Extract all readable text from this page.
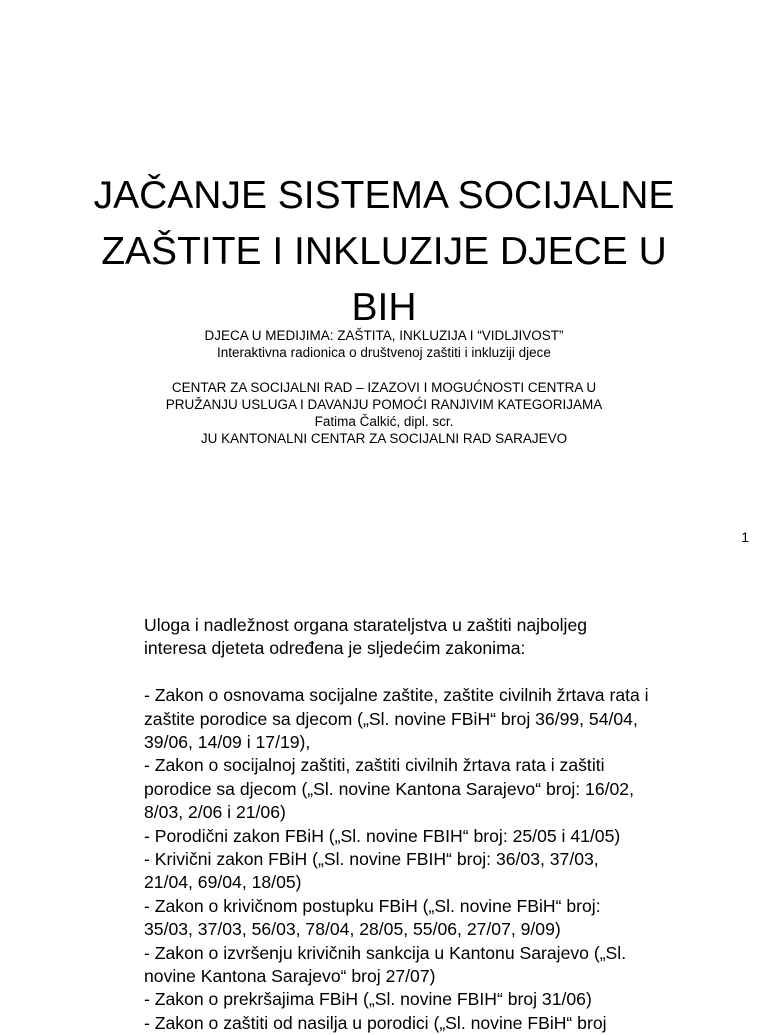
JAČANJE SISTEMA SOCIJALNE
ZAŠTITE I INKLUZIJE DJECE U
BIH
DJECA U MEDIJIMA: ZAŠTITA, INKLUZIJA I “VIDLJIVOST”
Interaktivna radionica o društvenoj zaštiti i inkluziji djece
CENTAR ZA SOCIJALNI RAD – IZAZOVI I MOGUĆNOSTI CENTRA U
PRUŽANJU USLUGA I DAVANJU POMOĆI RANJIVIM KATEGORIJAMA
Fatima Čalkić, dipl. scr.
JU KANTONALNI CENTAR ZA SOCIJALNI RAD SARAJEVO
1
Uloga i nadležnost organa starateljstva u zaštiti najboljeg
interesa djeteta određena je sljedećim zakonima:
- Zakon o osnovama socijalne zaštite, zaštite civilnih žrtava rata i
zaštite porodice sa djecom („Sl. novine FBiH“ broj 36/99, 54/04,
39/06, 14/09 i 17/19),
- Zakon o socijalnoj zaštiti, zaštiti civilnih žrtava rata i zaštiti
porodice sa djecom („Sl. novine Kantona Sarajevo“ broj: 16/02,
8/03, 2/06 i 21/06)
- Porodični zakon FBiH („Sl. novine FBIH“ broj: 25/05 i 41/05)
- Krivični zakon FBiH („Sl. novine FBIH“ broj: 36/03, 37/03,
21/04, 69/04, 18/05)
- Zakon o krivičnom postupku FBiH („Sl. novine FBiH“ broj:
35/03, 37/03, 56/03, 78/04, 28/05, 55/06, 27/07, 9/09)
- Zakon o izvršenju krivičnih sankcija u Kantonu Sarajevo („Sl.
novine Kantona Sarajevo“ broj 27/07)
- Zakon o prekršajima FBiH („Sl. novine FBIH“ broj 31/06)
- Zakon o zaštiti od nasilja u porodici („Sl. novine FBiH“ broj
